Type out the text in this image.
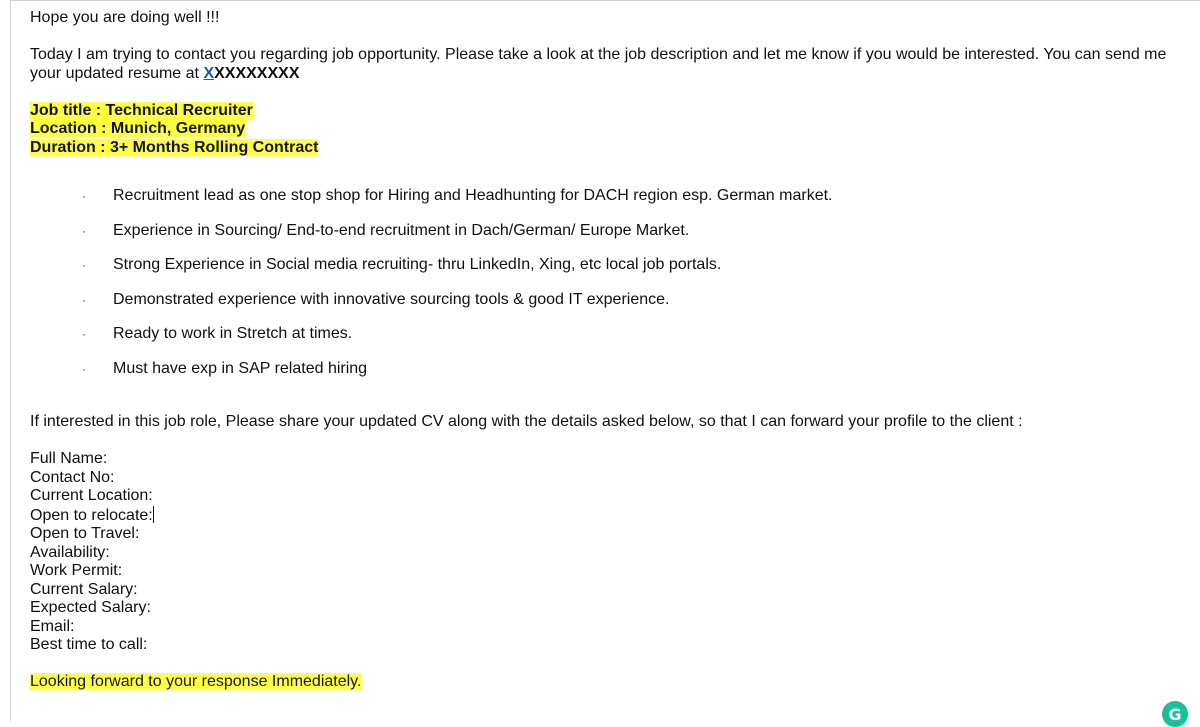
Hope you are doing well !!!

Today I am trying to contact you regarding job opportunity. Please take a look at the job description and let me know if you would be interested. You can send me your updated resume at XXXXXXXXX

Job title : Technical Recruiter

Location : Munich, Germany

Duration : 3+ Months Rolling Contract

· Recruitment lead as one stop shop for Hiring and Headhunting for DACH region esp. German market.
· Experience in Sourcing/ End-to-end recruitment in Dach/German/ Europe Market.
· Strong Experience in Social media recruiting- thru LinkedIn, Xing, etc local job portals.
· Demonstrated experience with innovative sourcing tools & good IT experience.
· Ready to work in Stretch at times.
· Must have exp in SAP related hiring

If interested in this job role, Please share your updated CV along with the details asked below, so that I can forward your profile to the client :

Full Name:

Contact No:

Current Location:

Open to relocate:

Open to Travel:

Availability:

Work Permit:

Current Salary:

Expected Salary:

Email:

Best time to call:

Looking forward to your response Immediately.

G
